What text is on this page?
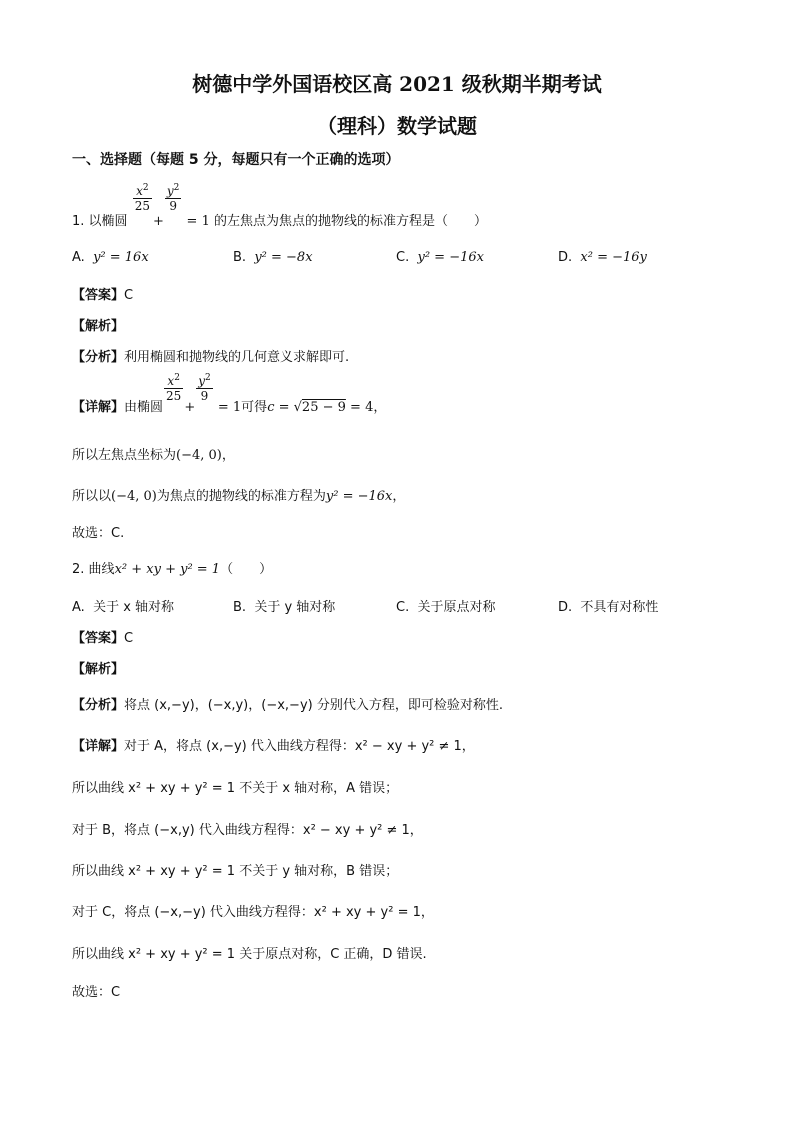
树德中学外国语校区高 2021 级秋期半期考试
（理科）数学试题
一、选择题（每题 5 分，每题只有一个正确的选项）
1. 以椭圆
$\frac{x^2}{25}$
+
$\frac{y^2}{9}$
= 1 的左焦点为焦点的抛物线的标准方程是（　　）
A. y² = 16x	B. y² = −8x	C. y² = −16x	D. x² = −16y
【答案】C
【解析】
【分析】利用椭圆和抛物线的几何意义求解即可.
【详解】由椭圆
$\frac{x^2}{25}$
+
$\frac{y^2}{9}$
= 1可得c = √25 − 9 = 4，
所以左焦点坐标为(−4, 0)，
所以以(−4, 0)为焦点的抛物线的标准方程为y² = −16x，
故选：C.
2. 曲线x² + xy + y² = 1（　　）
A. 关于 x 轴对称	B. 关于 y 轴对称	C. 关于原点对称	D. 不具有对称性
【答案】C
【解析】
【分析】将点 (x,−y)，(−x,y)，(−x,−y) 分别代入方程，即可检验对称性.
【详解】对于 A，将点 (x,−y) 代入曲线方程得：x² − xy + y² ≠ 1，
所以曲线 x² + xy + y² = 1 不关于 x 轴对称，A 错误；
对于 B，将点 (−x,y) 代入曲线方程得：x² − xy + y² ≠ 1，
所以曲线 x² + xy + y² = 1 不关于 y 轴对称，B 错误；
对于 C，将点 (−x,−y) 代入曲线方程得：x² + xy + y² = 1，
所以曲线 x² + xy + y² = 1 关于原点对称，C 正确，D 错误.
故选：C
